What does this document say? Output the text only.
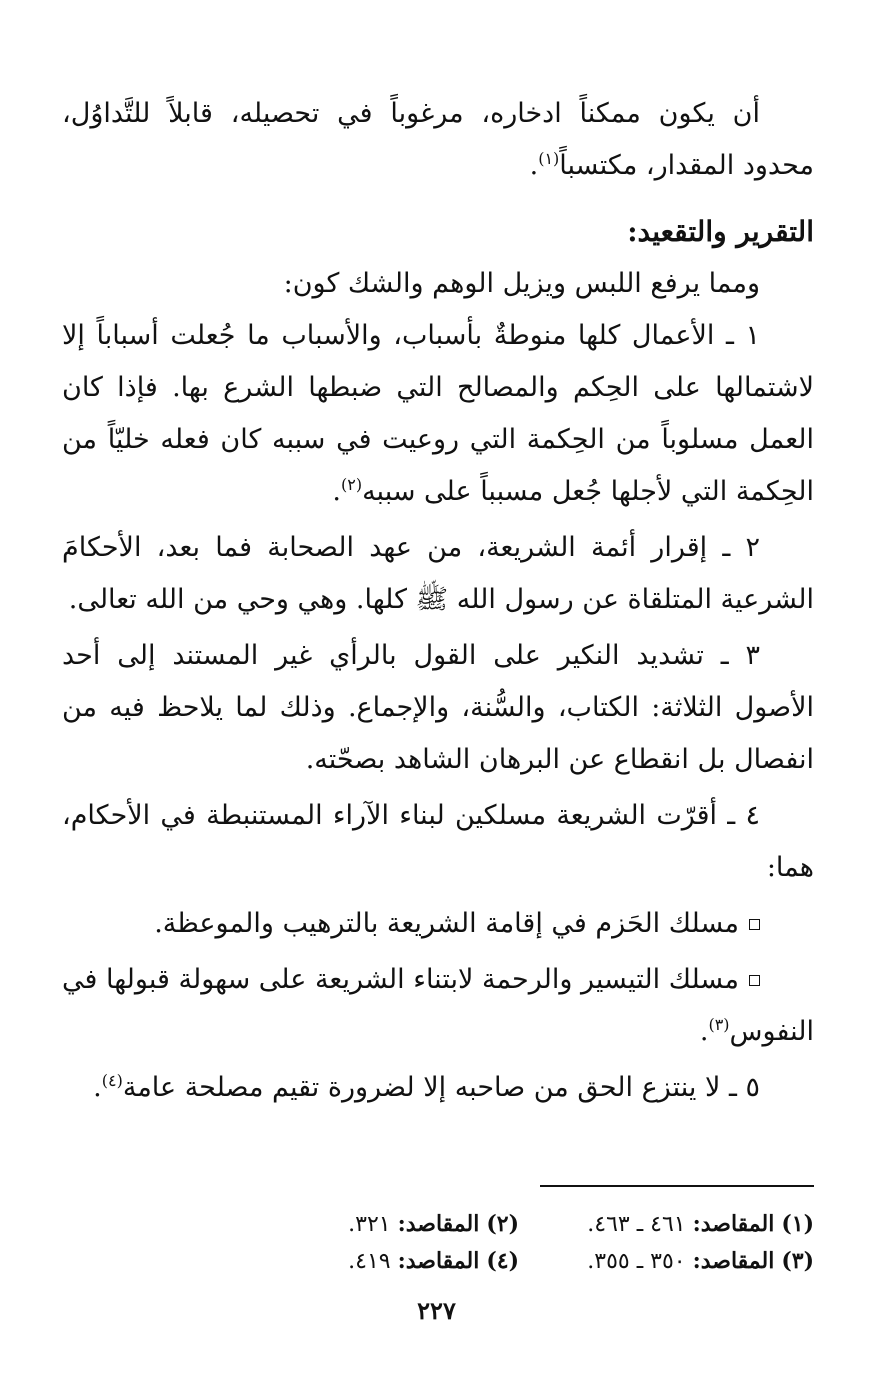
أن يكون ممكناً ادخاره، مرغوباً في تحصيله، قابلاً للتَّداوُل، محدود المقدار، مكتسباً$^{(١)}$.

التقرير والتقعيد:

ومما يرفع اللبس ويزيل الوهم والشك كون:

١ ـ الأعمال كلها منوطةٌ بأسباب، والأسباب ما جُعلت أسباباً إلا لاشتمالها على الحِكم والمصالح التي ضبطها الشرع بها. فإذا كان العمل مسلوباً من الحِكمة التي روعيت في سببه كان فعله خليّاً من الحِكمة التي لأجلها جُعل مسبباً على سببه$^{(٢)}$.

٢ ـ إقرار أئمة الشريعة، من عهد الصحابة فما بعد، الأحكامَ الشرعية المتلقاة عن رسول الله ﷺ كلها. وهي وحي من الله تعالى.

٣ ـ تشديد النكير على القول بالرأي غير المستند إلى أحد الأصول الثلاثة: الكتاب، والسُّنة، والإجماع. وذلك لما يلاحظ فيه من انفصال بل انقطاع عن البرهان الشاهد بصحّته.

٤ ـ أقرّت الشريعة مسلكين لبناء الآراء المستنبطة في الأحكام، هما:

مسلك الحَزم في إقامة الشريعة بالترهيب والموعظة.

مسلك التيسير والرحمة لابتناء الشريعة على سهولة قبولها في النفوس$^{(٣)}$.

٥ ـ لا ينتزع الحق من صاحبه إلا لضرورة تقيم مصلحة عامة$^{(٤)}$.

(١) المقاصد: ٤٦١ ـ ٤٦٣.
(٢) المقاصد: ٣٢١.
(٣) المقاصد: ٣٥٠ ـ ٣٥٥.
(٤) المقاصد: ٤١٩.
٢٢٧
